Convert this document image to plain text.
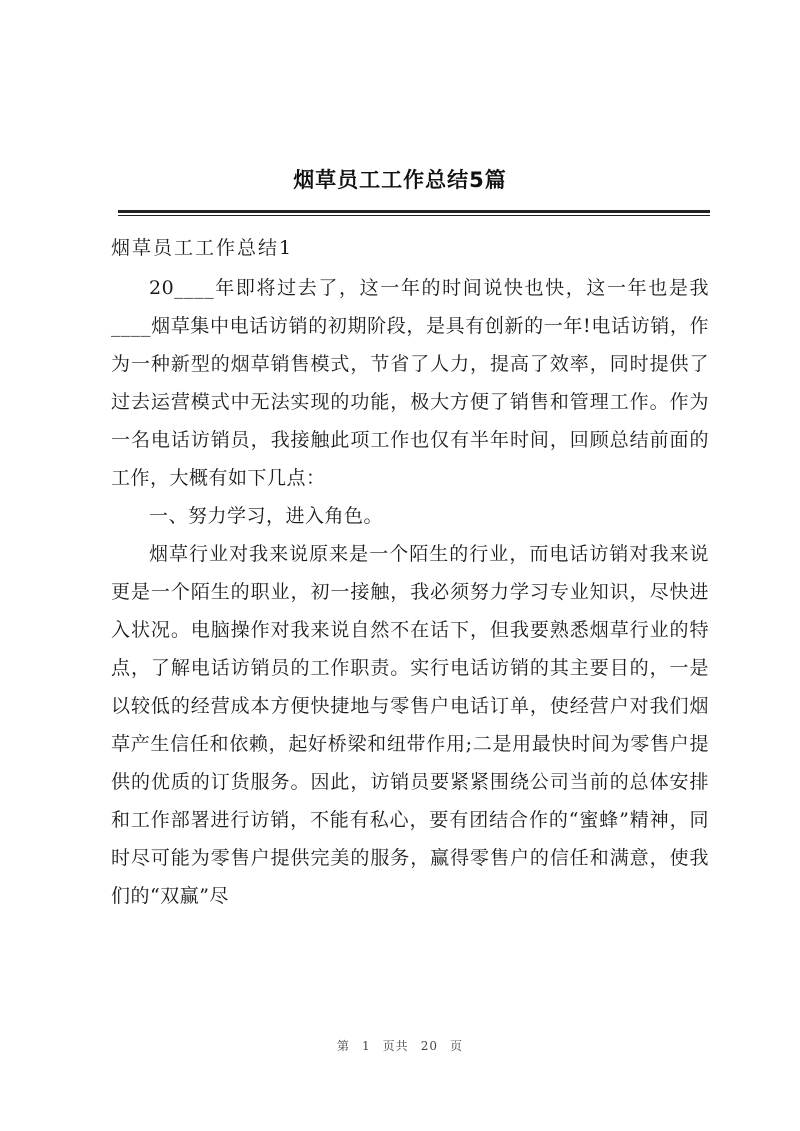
烟草员工工作总结5篇
烟草员工工作总结1

20____年即将过去了，这一年的时间说快也快，这一年也是我____烟草集中电话访销的初期阶段，是具有创新的一年!电话访销，作为一种新型的烟草销售模式，节省了人力，提高了效率，同时提供了过去运营模式中无法实现的功能，极大方便了销售和管理工作。作为一名电话访销员，我接触此项工作也仅有半年时间，回顾总结前面的工作，大概有如下几点：

一、努力学习，进入角色。

烟草行业对我来说原来是一个陌生的行业，而电话访销对我来说更是一个陌生的职业，初一接触，我必须努力学习专业知识，尽快进入状况。电脑操作对我来说自然不在话下，但我要熟悉烟草行业的特点，了解电话访销员的工作职责。实行电话访销的其主要目的，一是以较低的经营成本方便快捷地与零售户电话订单，使经营户对我们烟草产生信任和依赖，起好桥梁和纽带作用;二是用最快时间为零售户提供的优质的订货服务。因此，访销员要紧紧围绕公司当前的总体安排和工作部署进行访销，不能有私心，要有团结合作的“蜜蜂”精神，同时尽可能为零售户提供完美的服务，赢得零售户的信任和满意，使我们的“双赢”尽

第 1 页共 20 页
